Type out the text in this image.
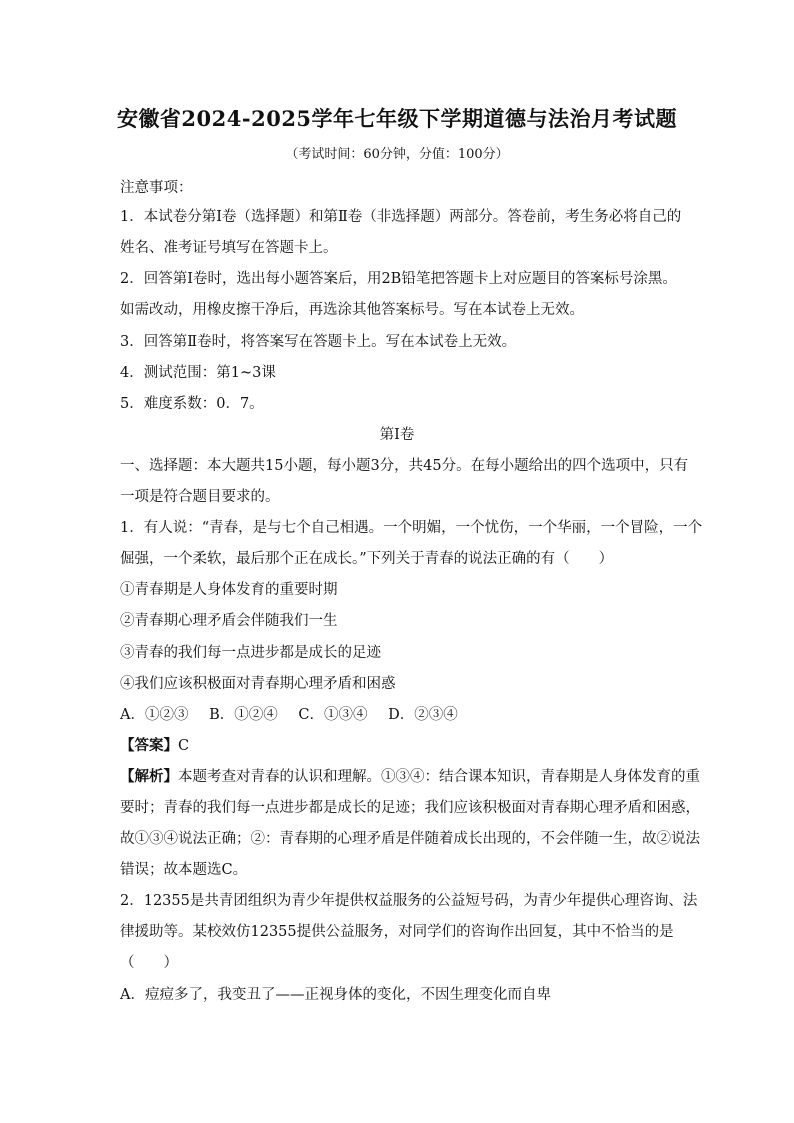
安徽省2024-2025学年七年级下学期道德与法治月考试题
（考试时间：60分钟，分值：100分）
注意事项：
1．本试卷分第Ⅰ卷（选择题）和第Ⅱ卷（非选择题）两部分。答卷前，考生务必将自己的
姓名、准考证号填写在答题卡上。
2．回答第Ⅰ卷时，选出每小题答案后，用2B铅笔把答题卡上对应题目的答案标号涂黑。
如需改动，用橡皮擦干净后，再选涂其他答案标号。写在本试卷上无效。
3．回答第Ⅱ卷时，将答案写在答题卡上。写在本试卷上无效。
4．测试范围：第1~3课
5．难度系数：0．7。
第Ⅰ卷
一、选择题：本大题共15小题，每小题3分，共45分。在每小题给出的四个选项中，只有
一项是符合题目要求的。
1．有人说：“青春，是与七个自己相遇。一个明媚，一个忧伤，一个华丽，一个冒险，一个
倔强，一个柔软，最后那个正在成长。”下列关于青春的说法正确的有（　　）
①青春期是人身体发育的重要时期
②青春期心理矛盾会伴随我们一生
③青春的我们每一点进步都是成长的足迹
④我们应该积极面对青春期心理矛盾和困惑
A．①②③ B．①②④ C．①③④ D．②③④
【答案】C
【解析】本题考查对青春的认识和理解。①③④：结合课本知识，青春期是人身体发育的重
要时；青春的我们每一点进步都是成长的足迹；我们应该积极面对青春期心理矛盾和困惑，
故①③④说法正确；②：青春期的心理矛盾是伴随着成长出现的，不会伴随一生，故②说法
错误；故本题选C。
2．12355是共青团组织为青少年提供权益服务的公益短号码，为青少年提供心理咨询、法
律援助等。某校效仿12355提供公益服务，对同学们的咨询作出回复，其中不恰当的是
（　　）
A．痘痘多了，我变丑了——正视身体的变化，不因生理变化而自卑
